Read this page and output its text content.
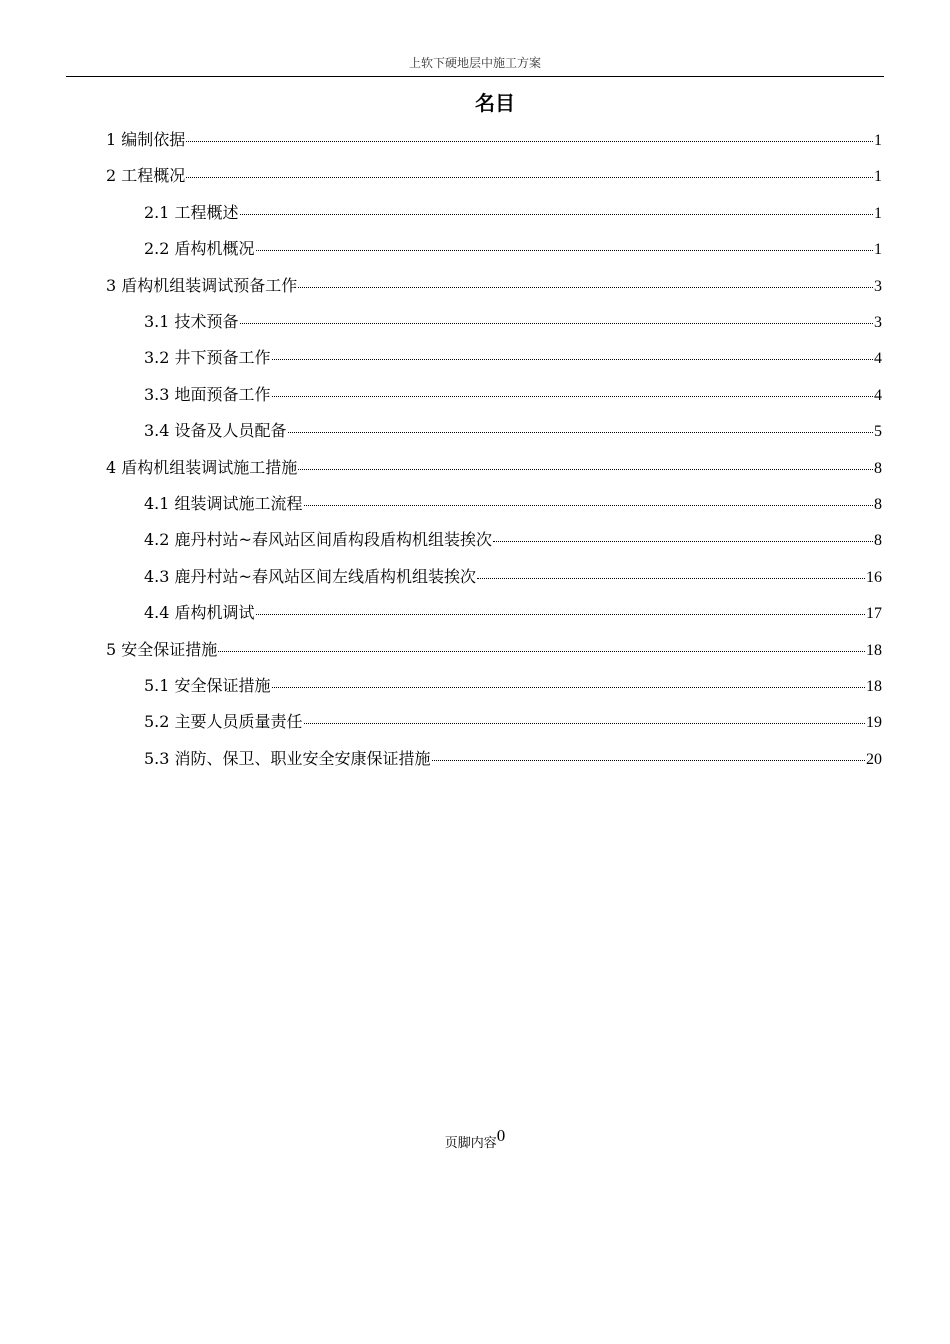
上软下硬地层中施工方案
名目
1 编制依据	1
2 工程概况	1
2.1 工程概述	1
2.2 盾构机概况	1
3 盾构机组装调试预备工作	3
3.1 技术预备	3
3.2 井下预备工作	4
3.3 地面预备工作	4
3.4 设备及人员配备	5
4 盾构机组装调试施工措施	8
4.1 组装调试施工流程	8
4.2 鹿丹村站~春风站区间盾构段盾构机组装挨次	8
4.3 鹿丹村站~春风站区间左线盾构机组装挨次	16
4.4 盾构机调试	17
5 安全保证措施	18
5.1 安全保证措施	18
5.2 主要人员质量责任	19
5.3 消防、保卫、职业安全安康保证措施	20
页脚内容0
